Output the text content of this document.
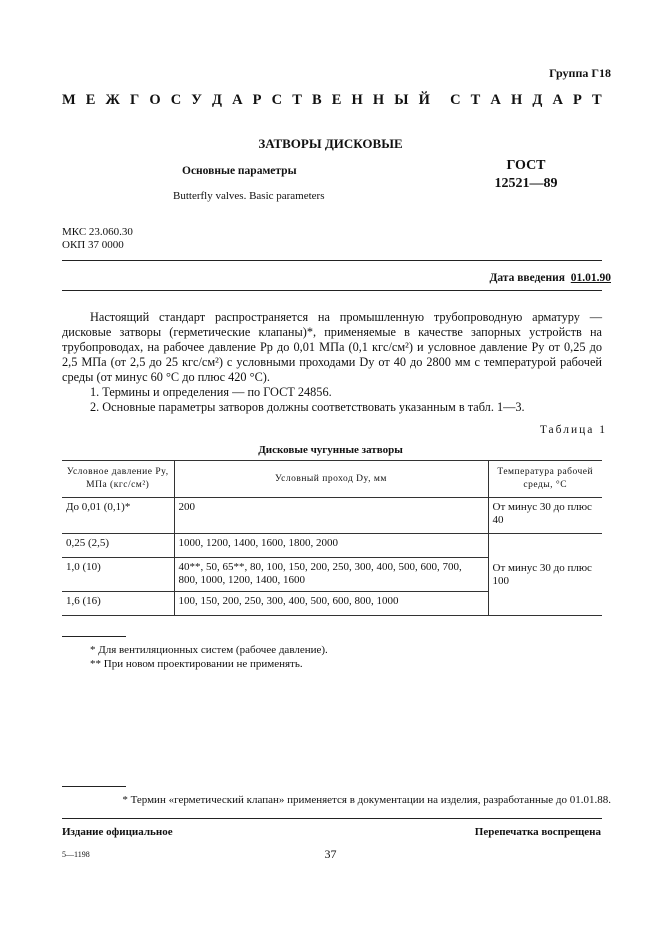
Группа Г18
М Е Ж Г О С У Д А Р С Т В Е Н Н Ы Й С Т А Н Д А Р Т
ЗАТВОРЫ ДИСКОВЫЕ
Основные параметры
Butterfly valves. Basic parameters
ГОСТ
12521—89
МКС 23.060.30
ОКП 37 0000
Дата введения 01.01.90

Настоящий стандарт распространяется на промышленную трубопроводную арматуру — дисковые затворы (герметические клапаны)*, применяемые в качестве запорных устройств на трубопроводах, на рабочее давление Pp до 0,01 МПа (0,1 кгс/см²) и условное давление Py от 0,25 до 2,5 МПа (от 2,5 до 25 кгс/см²) с условными проходами Dy от 40 до 2800 мм с температурой рабочей среды (от минус 60 °С до плюс 420 °С).

1. Термины и определения — по ГОСТ 24856.

2. Основные параметры затворов должны соответствовать указанным в табл. 1—3.

Таблица 1
Дисковые чугунные затворы
Условное давление Py, МПа (кгс/см²)	Условный проход Dy, мм	Температура рабочей среды, °С
До 0,01 (0,1)*	200	От минус 30 до плюс 40
0,25 (2,5)	1000, 1200, 1400, 1600, 1800, 2000	От минус 30 до плюс 100
1,0 (10)	40**, 50, 65**, 80, 100, 150, 200, 250, 300, 400, 500, 600, 700, 800, 1000, 1200, 1400, 1600	
1,6 (16)	100, 150, 200, 250, 300, 400, 500, 600, 800, 1000	
* Для вентиляционных систем (рабочее давление).
** При новом проектировании не применять.
* Термин «герметический клапан» применяется в документации на изделия, разработанные до 01.01.88.
Издание официальное	Перепечатка воспрещена
5—1198	37
